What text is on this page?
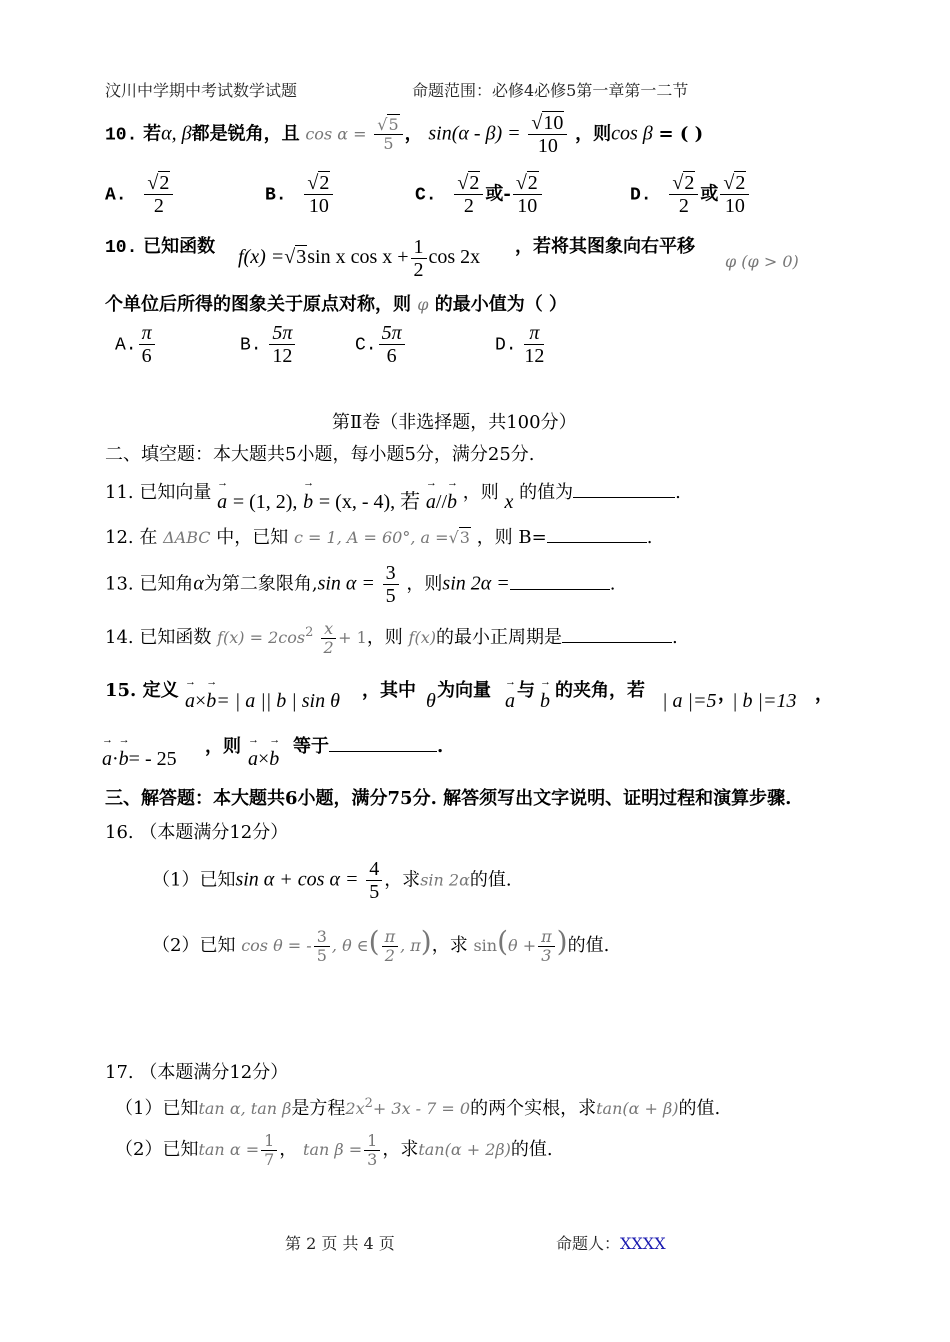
汶川中学期中考试数学试题	命题范围：必修4必修5第一章第一二节
10. 若α, β都是锐角，且 $\cos \alpha = \frac{√5}{5}$ ， $\sin(\alpha - \beta) = \frac{√10}{10}$ ，则cos β = ( )
A. $\frac{√2}{2}$	B. $\frac{√2}{10}$	C. $\frac{√2}{2}$ 或- $\frac{√2}{10}$	D. $\frac{√2}{2}$ 或 $\frac{√2}{10}$
10. 已知函数 f(x) =√3sin x $\cos x + \frac{1}{2}$ cos 2x ，若将其图象向右平移
φ (φ > 0)
个单位后所得的图象关于原点对称，则 φ 的最小值为（ ）
A. $\frac{\pi}{6}$	B. $\frac{5\pi}{12}$	C. $\frac{5\pi}{6}$	D. $\frac{\pi}{12}$
第Ⅱ卷（非选择题，共100分）
二、填空题：本大题共5小题，每小题5分，满分25分.
11. 已知向量 → a = (1, 2), → b = (x, - 4), 若 → a//→ b ，则 x 的值为	.
12. 在 ΔABC 中，已知 c = 1, A = 60°, a =√3 ，则 B=	.
13. 已知角α为第二象限角,sin $\alpha = \frac{3}{5}$ ，则sin 2α =	.
14. 已知函数 $f(x) = 2\cos^2 \frac{x}{2} + 1$，则 f(x)的最小正周期是	.
15. 定义 → a×→ b= | a || b | sin θ ，其中 θ 为向量 → a 与 → b 的夹角，若 | a |=5 ，
| b |=13 ，
→ a·→ b= - 25
，则
→ a×→ b
等于	.
三、解答题：本大题共6小题，满分75分. 解答须写出文字说明、证明过程和演算步骤.
16. （本题满分12分）
（1）已知$\sin \alpha + \cos \alpha = \frac{4}{5}$ ，求sin 2α的值.
（2）已知 cos θ = - $\frac{3}{5}$ , θ ∈( $\frac{\pi}{2}$ , π)，求 $\sin(\theta + \frac{\pi}{3}$ )的值.
17. （本题满分12分）
（1）已知tan α, tan β是方程$2x^2+ 3x - 7 = 0$的两个实根，求tan(α + β)的值.
（2）已知$\tan \alpha = \frac{1}{7}$ ， $\tan \beta = \frac{1}{3}$ ，求tan(α + 2β)的值.
第 2 页 共 4 页	命题人：XXXX
